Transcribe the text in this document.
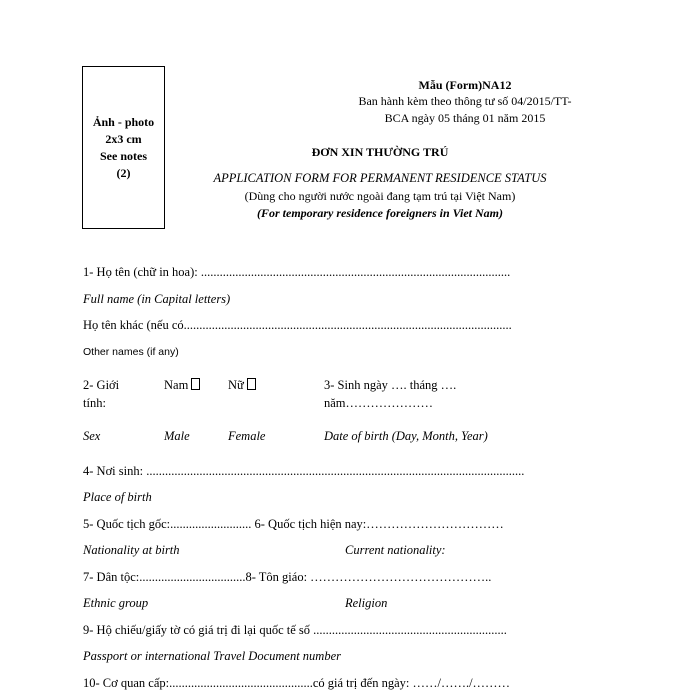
Ảnh - photo
2x3 cm
See notes
(2)
Mẫu (Form)NA12
Ban hành kèm theo thông tư số 04/2015/TT-
BCA ngày 05 tháng 01 năm 2015
ĐƠN XIN THƯỜNG TRÚ
APPLICATION FORM FOR PERMANENT RESIDENCE STATUS
(Dùng cho người nước ngoài đang tạm trú tại Việt Nam)
(For temporary residence foreigners in Viet Nam)
1- Họ tên (chữ in hoa): ...................................................................................................
Full name (in Capital letters)
Họ tên khác (nếu có.........................................................................................................
Other names (if any)
2- Giới
tính:
Nam	Nữ	3- Sinh ngày …. tháng ….
năm…………………
Sex	Male	Female	Date of birth (Day, Month, Year)
4- Nơi sinh: .........................................................................................................................
Place of birth
5- Quốc tịch gốc:.......................... 6- Quốc tịch hiện nay:……………………………
Nationality at birth	Current nationality:
7- Dân tộc:..................................8- Tôn giáo: ……………………………………..
Ethnic group	Religion
9- Hộ chiếu/giấy tờ có giá trị đi lại quốc tế số ..............................................................
Passport or international Travel Document number
10- Cơ quan cấp:..............................................có giá trị đến ngày: ……/……./………
